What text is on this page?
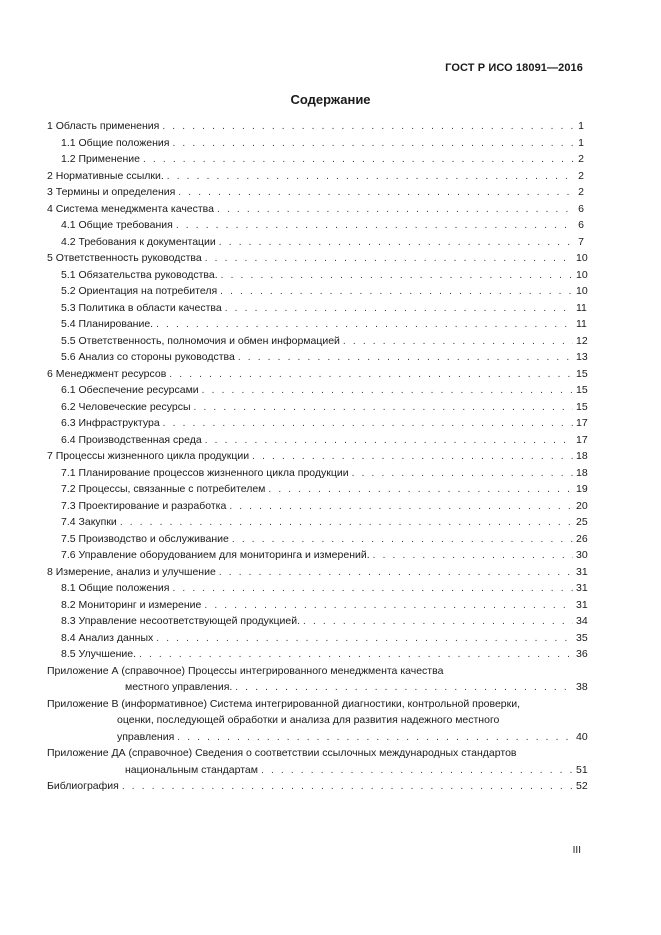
ГОСТ Р ИСО 18091—2016
Содержание
1 Область применения . . .	1
1.1 Общие положения . . .	1
1.2 Применение . . .	2
2 Нормативные ссылки. . . .	2
3 Термины и определения . . .	2
4 Система менеджмента качества . . .	6
4.1 Общие требования . . .	6
4.2 Требования к документации . . .	7
5 Ответственность руководства . . .	10
5.1 Обязательства руководства. . . .	10
5.2 Ориентация на потребителя . . .	10
5.3 Политика в области качества . . .	11
5.4 Планирование. . . .	11
5.5 Ответственность, полномочия и обмен информацией . . .	12
5.6 Анализ со стороны руководства . . .	13
6 Менеджмент ресурсов . . .	15
6.1 Обеспечение ресурсами . . .	15
6.2 Человеческие ресурсы . . .	15
6.3 Инфраструктура . . .	17
6.4 Производственная среда . . .	17
7 Процессы жизненного цикла продукции . . .	18
7.1 Планирование процессов жизненного цикла продукции . . .	18
7.2 Процессы, связанные с потребителем . . .	19
7.3 Проектирование и разработка . . .	20
7.4 Закупки . . .	25
7.5 Производство и обслуживание . . .	26
7.6 Управление оборудованием для мониторинга и измерений. . . .	30
8 Измерение, анализ и улучшение . . .	31
8.1 Общие положения . . .	31
8.2 Мониторинг и измерение . . .	31
8.3 Управление несоответствующей продукцией. . . .	34
8.4 Анализ данных . . .	35
8.5 Улучшение. . . .	36
Приложение А (справочное) Процессы интегрированного менеджмента качества
местного управления. . . .	38
Приложение В (информативное) Система интегрированной диагностики, контрольной проверки,
оценки, последующей обработки и анализа для развития надежного местного
управления . . .	40
Приложение ДА (справочное) Сведения о соответствии ссылочных международных стандартов
национальным стандартам . . .	51
Библиография . . .	52
III
